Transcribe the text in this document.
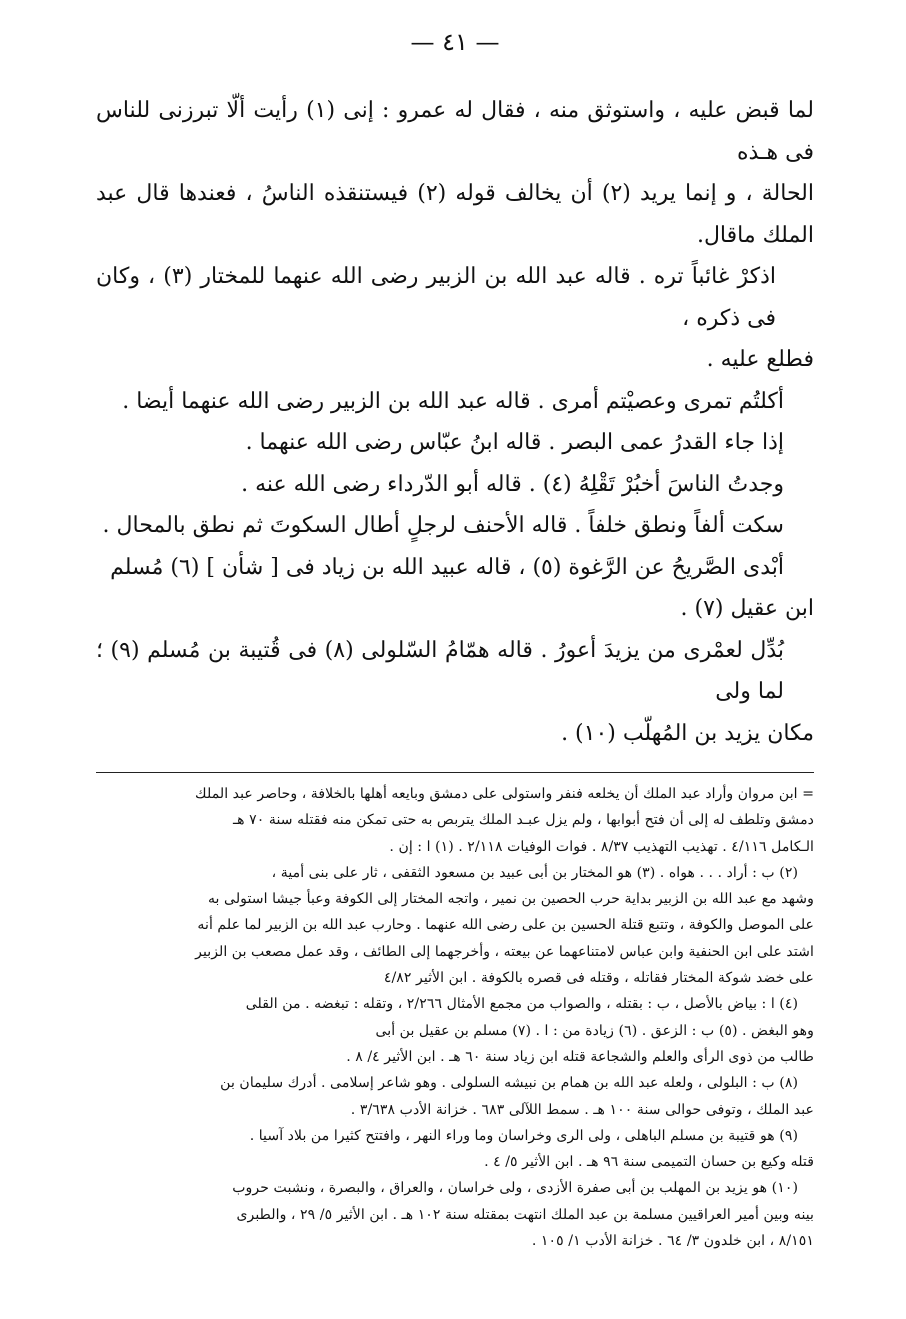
— ٤١ —

لما قبض عليه ، واستوثق منه ، فقال له عمرو : إنى (١) رأيت ألّا تبرزنى للناس فى هـذه

الحالة ، و إنما يريد (٢) أن يخالف قوله (٢) فيستنقذه الناسُ ، فعندها قال عبد الملك ماقال.

اذكرْ غائباً تره . قاله عبد الله بن الزبير رضى الله عنهما للمختار (٣) ، وكان فى ذكره ،

فطلع عليه .

أكلتُم تمرى وعصيْتم أمرى . قاله عبد الله بن الزبير رضى الله عنهما أيضا .

إذا جاء القدرُ عمى البصر . قاله ابنُ عبّاس رضى الله عنهما .

وجدتُ الناسَ أخبُرْ تَقْلِهُ (٤) . قاله أبو الدّرداء رضى الله عنه .

سكت ألفاً ونطق خلفاً . قاله الأحنف لرجلٍ أطال السكوتَ ثم نطق بالمحال .

أبْدى الصَّريحُ عن الرَّغوة (٥) ، قاله عبيد الله بن زياد فى [ شأن ] (٦) مُسلم

ابن عقيل (٧) .

بُدِّل لعمْرى من يزيدَ أعورُ . قاله همّامُ السّلولى (٨) فى قُتيبة بن مُسلم (٩) ؛ لما ولى

مكان يزيد بن المُهلّب (١٠) .

= ابن مروان وأراد عبد الملك أن يخلعه فنفر واستولى على دمشق وبايعه أهلها بالخلافة ، وحاصر عبد الملك

دمشق وتلطف له إلى أن فتح أبوابها ، ولم يزل عبـد الملك يتربص به حتى تمكن منه فقتله سنة ٧٠ هـ

الـكامل ٤/١١٦ . تهذيب التهذيب ٨/٣٧ . فوات الوفيات ٢/١١٨ . (١) ا : إن .

(٢) ب : أراد . . . هواه . (٣) هو المختار بن أبى عبيد بن مسعود الثقفى ، ثار على بنى أمية ،

وشهد مع عبد الله بن الزبير بداية حرب الحصين بن نمير ، واتجه المختار إلى الكوفة وعبأ جيشا استولى به

على الموصل والكوفة ، وتتبع قتلة الحسين بن على رضى الله عنهما . وحارب عبد الله بن الزبير لما علم أنه

اشتد على ابن الحنفية وابن عباس لامتناعهما عن بيعته ، وأخرجهما إلى الطائف ، وقد عمل مصعب بن الزبير

على خضد شوكة المختار فقاتله ، وقتله فى قصره بالكوفة . ابن الأثير ٤/٨٢

(٤) ا : بياض بالأصل ، ب : بقتله ، والصواب من مجمع الأمثال ٢/٢٦٦ ، وتقله : تبغضه . من القلى

وهو البغض . (٥) ب : الزعق . (٦) زيادة من : ا . (٧) مسلم بن عقيل بن أبى

طالب من ذوى الرأى والعلم والشجاعة قتله ابن زياد سنة ٦٠ هـ . ابن الأثير ٤/ ٨ .

(٨) ب : البلولى ، ولعله عبد الله بن همام بن نبيشه السلولى . وهو شاعر إسلامى . أدرك سليمان بن

عبد الملك ، وتوفى حوالى سنة ١٠٠ هـ . سمط اللآلى ٦٨٣ . خزانة الأدب ٣/٦٣٨ .

(٩) هو قتيبة بن مسلم الباهلى ، ولى الرى وخراسان وما وراء النهر ، وافتتح كثيرا من بلاد آسيا .

قتله وكيع بن حسان التميمى سنة ٩٦ هـ . ابن الأثير ٥/ ٤ .

(١٠) هو يزيد بن المهلب بن أبى صفرة الأزدى ، ولى خراسان ، والعراق ، والبصرة ، ونشبت حروب

بينه وبين أمير العراقيين مسلمة بن عبد الملك انتهت بمقتله سنة ١٠٢ هـ . ابن الأثير ٥/ ٢٩ ، والطبرى

٨/١٥١ ، ابن خلدون ٣/ ٦٤ . خزانة الأدب ١/ ١٠٥ .
